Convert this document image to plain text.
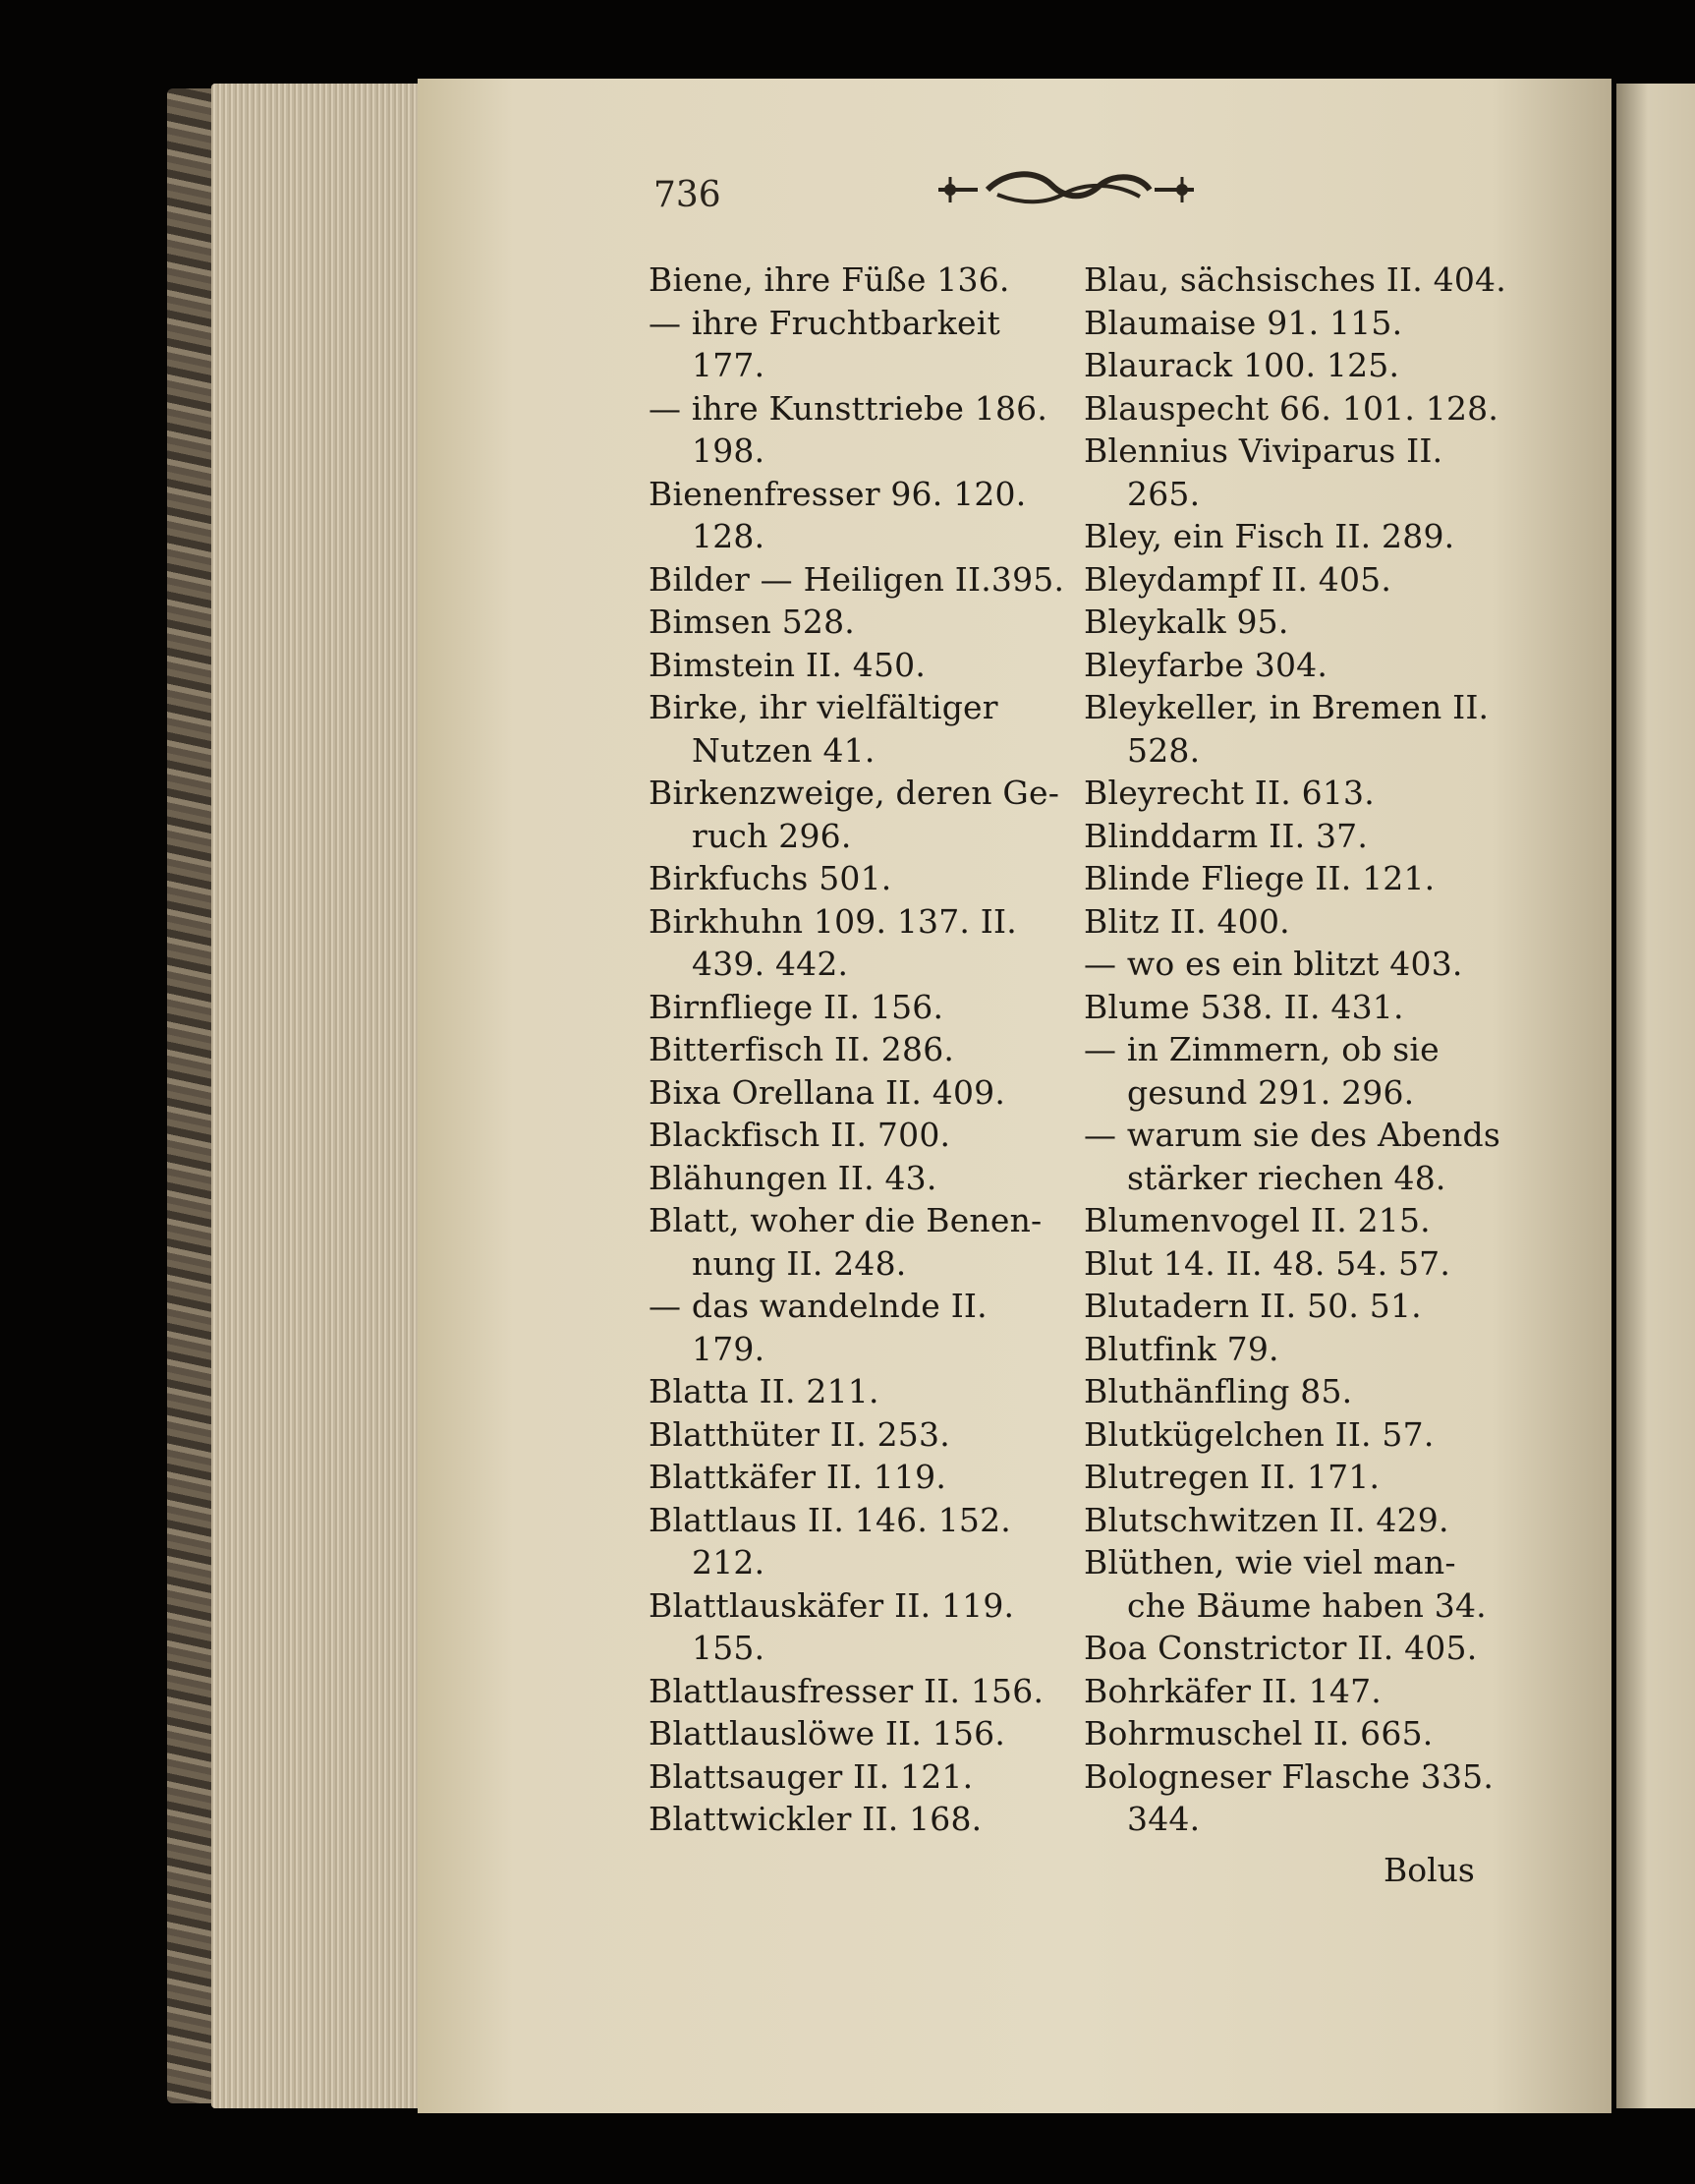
736
Biene, ihre Füße 136.
— ihre Fruchtbarkeit
177.
— ihre Kunsttriebe 186.
198.
Bienenfresser 96. 120.
128.
Bilder — Heiligen II.395.
Bimsen 528.
Bimstein II. 450.
Birke, ihr vielfältiger
Nutzen 41.
Birkenzweige, deren Ge-
ruch 296.
Birkfuchs 501.
Birkhuhn 109. 137. II.
439. 442.
Birnfliege II. 156.
Bitterfisch II. 286.
Bixa Orellana II. 409.
Blackfisch II. 700.
Blähungen II. 43.
Blatt, woher die Benen-
nung II. 248.
— das wandelnde II.
179.
Blatta II. 211.
Blatthüter II. 253.
Blattkäfer II. 119.
Blattlaus II. 146. 152.
212.
Blattlauskäfer II. 119.
155.
Blattlausfresser II. 156.
Blattlauslöwe II. 156.
Blattsauger II. 121.
Blattwickler II. 168.
Blau, sächsisches II. 404.
Blaumaise 91. 115.
Blaurack 100. 125.
Blauspecht 66. 101. 128.
Blennius Viviparus II.
265.
Bley, ein Fisch II. 289.
Bleydampf II. 405.
Bleykalk 95.
Bleyfarbe 304.
Bleykeller, in Bremen II.
528.
Bleyrecht II. 613.
Blinddarm II. 37.
Blinde Fliege II. 121.
Blitz II. 400.
— wo es ein blitzt 403.
Blume 538. II. 431.
— in Zimmern, ob sie
gesund 291. 296.
— warum sie des Abends
stärker riechen 48.
Blumenvogel II. 215.
Blut 14. II. 48. 54. 57.
Blutadern II. 50. 51.
Blutfink 79.
Bluthänfling 85.
Blutkügelchen II. 57.
Blutregen II. 171.
Blutschwitzen II. 429.
Blüthen, wie viel man-
che Bäume haben 34.
Boa Constrictor II. 405.
Bohrkäfer II. 147.
Bohrmuschel II. 665.
Bologneser Flasche 335.
344.
Bolus
